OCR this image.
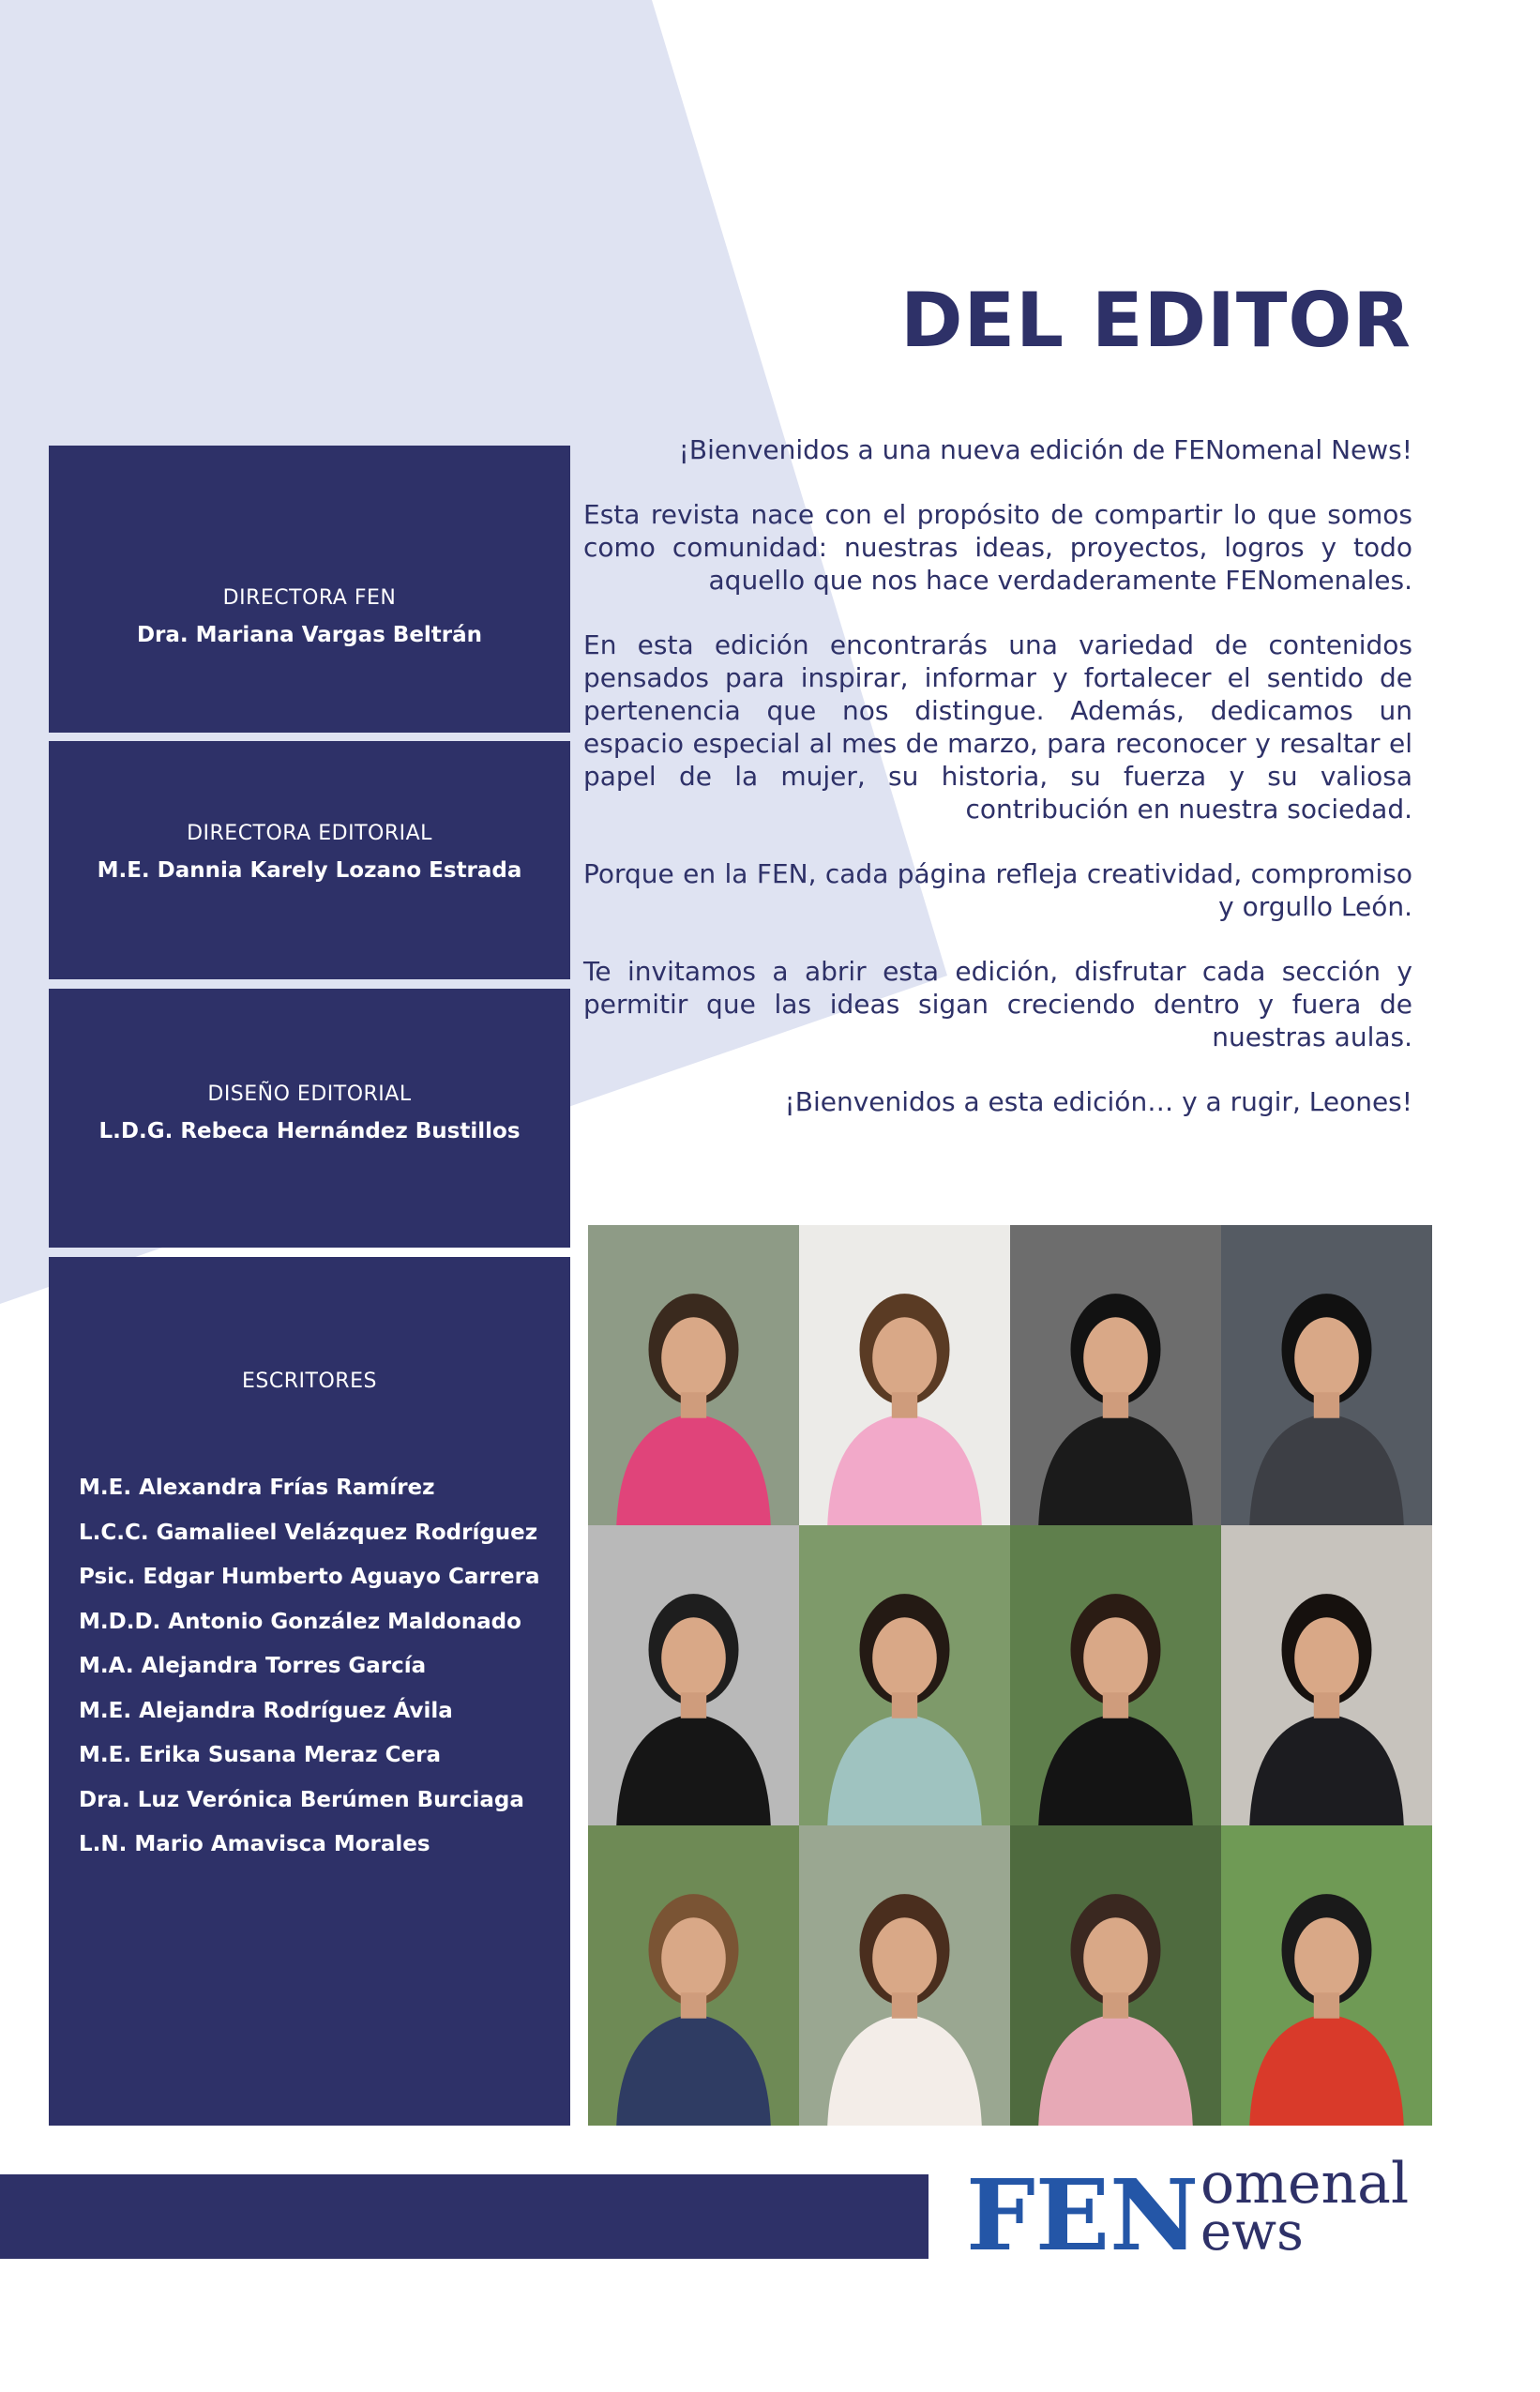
DEL EDITOR

¡Bienvenidos a una nueva edición de FENomenal News!

Esta revista nace con el propósito de compartir lo que somos como comunidad: nuestras ideas, proyectos, logros y todo aquello que nos hace verdaderamente FENomenales.

En esta edición encontrarás una variedad de contenidos pensados para inspirar, informar y fortalecer el sentido de pertenencia que nos distingue. Además, dedicamos un espacio especial al mes de marzo, para reconocer y resaltar el papel de la mujer, su historia, su fuerza y su valiosa contribución en nuestra sociedad.

Porque en la FEN, cada página refleja creatividad, compromiso y orgullo León.

Te invitamos a abrir esta edición, disfrutar cada sección y permitir que las ideas sigan creciendo dentro y fuera de nuestras aulas.

¡Bienvenidos a esta edición… y a rugir, Leones!

DIRECTORA FEN
Dra. Mariana Vargas Beltrán
DIRECTORA EDITORIAL
M.E. Dannia Karely Lozano Estrada
DISEÑO EDITORIAL
L.D.G. Rebeca Hernández Bustillos
ESCRITORES
M.E. Alexandra Frías Ramírez
L.C.C. Gamalieel Velázquez Rodríguez
Psic. Edgar Humberto Aguayo Carrera
M.D.D. Antonio González Maldonado
M.A. Alejandra Torres García
M.E. Alejandra Rodríguez Ávila
M.E. Erika Susana Meraz Cera
Dra. Luz Verónica Berúmen Burciaga
L.N. Mario Amavisca Morales
FEN omenal
ews
